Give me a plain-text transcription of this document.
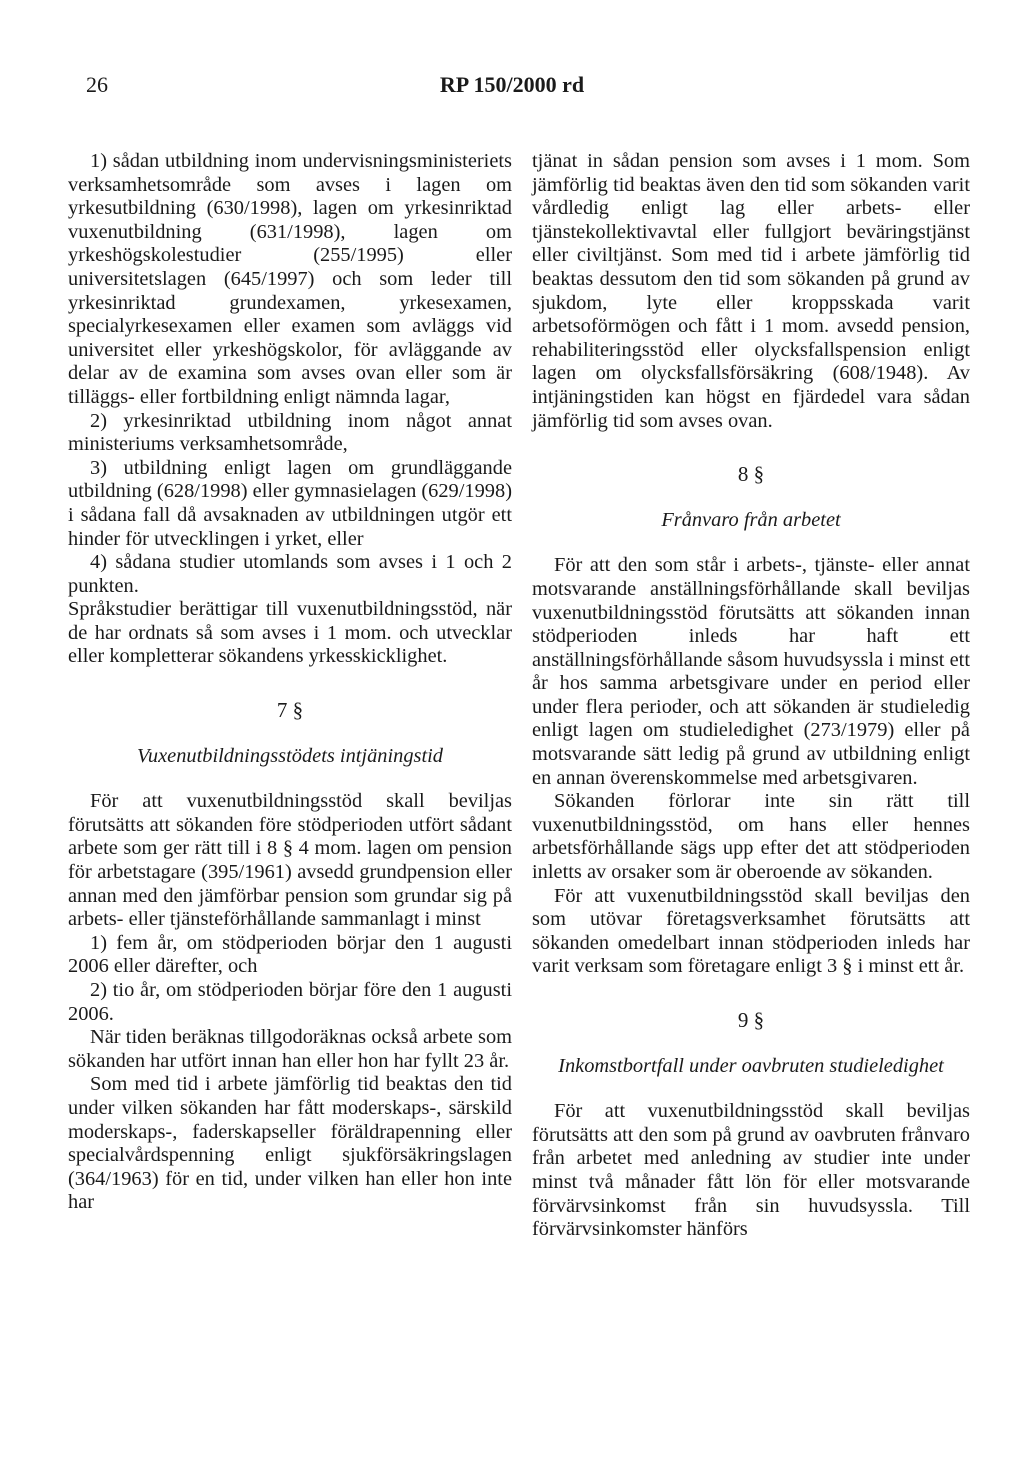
26	RP 150/2000 rd

1) sådan utbildning inom undervisningsministeriets verksamhetsområde som avses i lagen om yrkesutbildning (630/1998), lagen om yrkesinriktad vuxenutbildning (631/1998), lagen om yrkeshögskolestudier (255/1995) eller universitetslagen (645/1997) och som leder till yrkesinriktad grundexamen, yrkesexamen, specialyrkesexamen eller examen som avläggs vid universitet eller yrkeshögskolor, för avläggande av delar av de examina som avses ovan eller som är tilläggs- eller fortbildning enligt nämnda lagar,

2) yrkesinriktad utbildning inom något annat ministeriums verksamhetsområde,

3) utbildning enligt lagen om grundläggande utbildning (628/1998) eller gymnasielagen (629/1998) i sådana fall då avsaknaden av utbildningen utgör ett hinder för utvecklingen i yrket, eller

4) sådana studier utomlands som avses i 1 och 2 punkten.

Språkstudier berättigar till vuxenutbildningsstöd, när de har ordnats så som avses i 1 mom. och utvecklar eller kompletterar sökandens yrkesskicklighet.

7 §

Vuxenutbildningsstödets intjäningstid

För att vuxenutbildningsstöd skall beviljas förutsätts att sökanden före stödperioden utfört sådant arbete som ger rätt till i 8 § 4 mom. lagen om pension för arbetstagare (395/1961) avsedd grundpension eller annan med den jämförbar pension som grundar sig på arbets- eller tjänsteförhållande sammanlagt i minst

1) fem år, om stödperioden börjar den 1 augusti 2006 eller därefter, och

2) tio år, om stödperioden börjar före den 1 augusti 2006.

När tiden beräknas tillgodoräknas också arbete som sökanden har utfört innan han eller hon har fyllt 23 år.

Som med tid i arbete jämförlig tid beaktas den tid under vilken sökanden har fått moderskaps-, särskild moderskaps-, faderskapseller föräldrapenning eller specialvårdspenning enligt sjukförsäkringslagen (364/1963) för en tid, under vilken han eller hon inte har

tjänat in sådan pension som avses i 1 mom. Som jämförlig tid beaktas även den tid som sökanden varit vårdledig enligt lag eller arbets- eller tjänstekollektivavtal eller fullgjort beväringstjänst eller civiltjänst. Som med tid i arbete jämförlig tid beaktas dessutom den tid som sökanden på grund av sjukdom, lyte eller kroppsskada varit arbetsoförmögen och fått i 1 mom. avsedd pension, rehabiliteringsstöd eller olycksfallspension enligt lagen om olycksfallsförsäkring (608/1948). Av intjäningstiden kan högst en fjärdedel vara sådan jämförlig tid som avses ovan.

8 §

Frånvaro från arbetet

För att den som står i arbets-, tjänste- eller annat motsvarande anställningsförhållande skall beviljas vuxenutbildningsstöd förutsätts att sökanden innan stödperioden inleds har haft ett anställningsförhållande såsom huvudsyssla i minst ett år hos samma arbetsgivare under en period eller under flera perioder, och att sökanden är studieledig enligt lagen om studieledighet (273/1979) eller på motsvarande sätt ledig på grund av utbildning enligt en annan överenskommelse med arbetsgivaren.

Sökanden förlorar inte sin rätt till vuxenutbildningsstöd, om hans eller hennes arbetsförhållande sägs upp efter det att stödperioden inletts av orsaker som är oberoende av sökanden.

För att vuxenutbildningsstöd skall beviljas den som utövar företagsverksamhet förutsätts att sökanden omedelbart innan stödperioden inleds har varit verksam som företagare enligt 3 § i minst ett år.

9 §

Inkomstbortfall under oavbruten studieledighet

För att vuxenutbildningsstöd skall beviljas förutsätts att den som på grund av oavbruten frånvaro från arbetet med anledning av studier inte under minst två månader fått lön för eller motsvarande förvärvsinkomst från sin huvudsyssla. Till förvärvsinkomster hänförs
